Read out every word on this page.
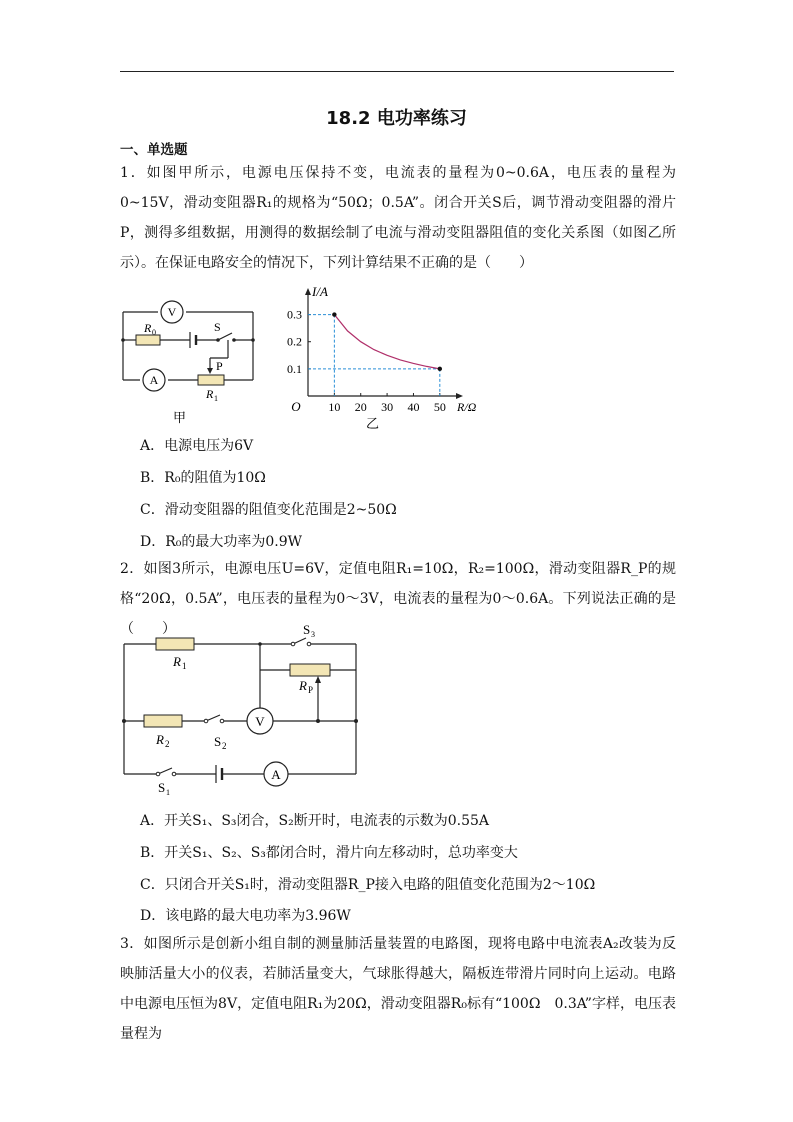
18.2 电功率练习
一、单选题
1．如图甲所示，电源电压保持不变，电流表的量程为0~0.6A，电压表的量程为0~15V，滑动变阻器R₁的规格为“50Ω；0.5A”。闭合开关S后，调节滑动变阻器的滑片P，测得多组数据，用测得的数据绘制了电流与滑动变阻器阻值的变化关系图（如图乙所示）。在保证电路安全的情况下，下列计算结果不正确的是（　　）
V
A
R 0	S
P
R 1
甲
10 20 30 40 50
0.1
0.2
0.3
O
I/A
R/Ω
乙
A．电源电压为6V
B．R₀的阻值为10Ω
C．滑动变阻器的阻值变化范围是2~50Ω
D．R₀的最大功率为0.9W
2．如图3所示，电源电压U=6V，定值电阻R₁=10Ω，R₂=100Ω，滑动变阻器R_P的规格“20Ω，0.5A”，电压表的量程为0～3V，电流表的量程为0～0.6A。下列说法正确的是（　　）
V
A
R 1
R P
R 2
S 3
S 2
S 1
A．开关S₁、S₃闭合，S₂断开时，电流表的示数为0.55A
B．开关S₁、S₂、S₃都闭合时，滑片向左移动时，总功率变大
C．只闭合开关S₁时，滑动变阻器R_P接入电路的阻值变化范围为2～10Ω
D．该电路的最大电功率为3.96W
3．如图所示是创新小组自制的测量肺活量装置的电路图，现将电路中电流表A₂改装为反映肺活量大小的仪表，若肺活量变大，气球胀得越大，隔板连带滑片同时向上运动。电路中电源电压恒为8V，定值电阻R₁为20Ω，滑动变阻器R₀标有“100Ω　0.3A”字样，电压表量程为
